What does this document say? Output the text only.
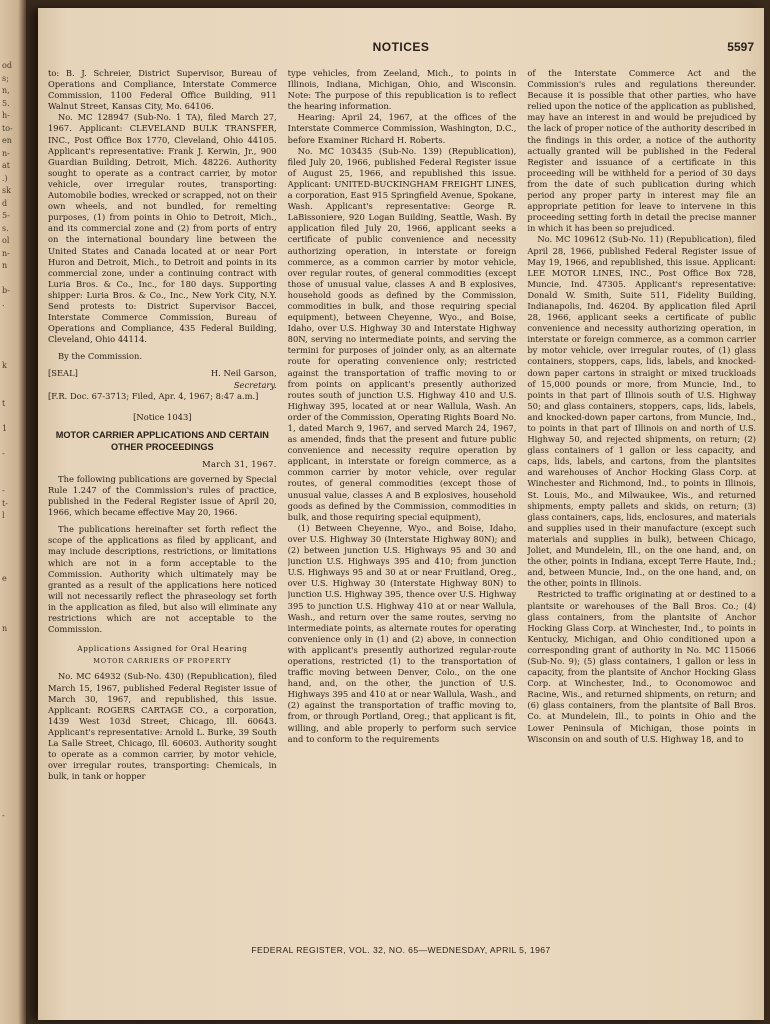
od
s;
n,
5.
h-
to-
en
n-
at
.)
sk
d
5-
s.
ol
n-
n

b-
.

k

t

1

-

-
t-
l

e

n

-

NOTICES	5597

to: B. J. Schreier, District Supervisor, Bureau of Operations and Compliance, Interstate Commerce Commission, 1100 Federal Office Building, 911 Walnut Street, Kansas City, Mo. 64106.

No. MC 128947 (Sub-No. 1 TA), filed March 27, 1967. Applicant: CLEVELAND BULK TRANSFER, INC., Post Office Box 1770, Cleveland, Ohio 44105. Applicant's representative: Frank J. Kerwin, Jr., 900 Guardian Building, Detroit, Mich. 48226. Authority sought to operate as a contract carrier, by motor vehicle, over irregular routes, transporting: Automobile bodies, wrecked or scrapped, not on their own wheels, and not bundled, for remelting purposes, (1) from points in Ohio to Detroit, Mich., and its commercial zone and (2) from ports of entry on the international boundary line between the United States and Canada located at or near Port Huron and Detroit, Mich., to Detroit and points in its commercial zone, under a continuing contract with Luria Bros. & Co., Inc., for 180 days. Supporting shipper: Luria Bros. & Co., Inc., New York City, N.Y. Send protests to: District Supervisor Baccei, Interstate Commerce Commission, Bureau of Operations and Compliance, 435 Federal Building, Cleveland, Ohio 44114.

By the Commission.

[SEAL]	H. Neil Garson,
Secretary.

[F.R. Doc. 67-3713; Filed, Apr. 4, 1967; 8:47 a.m.]

[Notice 1043]
MOTOR CARRIER APPLICATIONS AND CERTAIN OTHER PROCEEDINGS
March 31, 1967.

The following publications are governed by Special Rule 1.247 of the Commission's rules of practice, published in the Federal Register issue of April 20, 1966, which became effective May 20, 1966.

The publications hereinafter set forth reflect the scope of the applications as filed by applicant, and may include descriptions, restrictions, or limitations which are not in a form acceptable to the Commission. Authority which ultimately may be granted as a result of the applications here noticed will not necessarily reflect the phraseology set forth in the application as filed, but also will eliminate any restrictions which are not acceptable to the Commission.

Applications Assigned for Oral Hearing
MOTOR CARRIERS OF PROPERTY

No. MC 64932 (Sub-No. 430) (Republication), filed March 15, 1967, published Federal Register issue of March 30, 1967, and republished, this issue. Applicant: ROGERS CARTAGE CO., a corporation, 1439 West 103d Street, Chicago, Ill. 60643. Applicant's representative: Arnold L. Burke, 39 South La Salle Street, Chicago, Ill. 60603. Authority sought to operate as a common carrier, by motor vehicle, over irregular routes, transporting: Chemicals, in bulk, in tank or hopper

type vehicles, from Zeeland, Mich., to points in Illinois, Indiana, Michigan, Ohio, and Wisconsin. Note: The purpose of this republication is to reflect the hearing information.

Hearing: April 24, 1967, at the offices of the Interstate Commerce Commission, Washington, D.C., before Examiner Richard H. Roberts.

No. MC 103435 (Sub-No. 139) (Republication), filed July 20, 1966, published Federal Register issue of August 25, 1966, and republished this issue. Applicant: UNITED-BUCKINGHAM FREIGHT LINES, a corporation, East 915 Springfield Avenue, Spokane, Wash. Applicant's representative: George R. LaBissoniere, 920 Logan Building, Seattle, Wash. By application filed July 20, 1966, applicant seeks a certificate of public convenience and necessity authorizing operation, in interstate or foreign commerce, as a common carrier by motor vehicle, over regular routes, of general commodities (except those of unusual value, classes A and B explosives, household goods as defined by the Commission, commodities in bulk, and those requiring special equipment), between Cheyenne, Wyo., and Boise, Idaho, over U.S. Highway 30 and Interstate Highway 80N, serving no intermediate points, and serving the termini for purposes of joinder only, as an alternate route for operating convenience only; restricted against the transportation of traffic moving to or from points on applicant's presently authorized routes south of junction U.S. Highway 410 and U.S. Highway 395, located at or near Wallula, Wash. An order of the Commission, Operating Rights Board No. 1, dated March 9, 1967, and served March 24, 1967, as amended, finds that the present and future public convenience and necessity require operation by applicant, in interstate or foreign commerce, as a common carrier by motor vehicle, over regular routes, of general commodities (except those of unusual value, classes A and B explosives, household goods as defined by the Commission, commodities in bulk, and those requiring special equipment),

(1) Between Cheyenne, Wyo., and Boise, Idaho, over U.S. Highway 30 (Interstate Highway 80N); and (2) between junction U.S. Highways 95 and 30 and junction U.S. Highways 395 and 410; from junction U.S. Highways 95 and 30 at or near Fruitland, Oreg., over U.S. Highway 30 (Interstate Highway 80N) to junction U.S. Highway 395, thence over U.S. Highway 395 to junction U.S. Highway 410 at or near Wallula, Wash., and return over the same routes, serving no intermediate points, as alternate routes for operating convenience only in (1) and (2) above, in connection with applicant's presently authorized regular-route operations, restricted (1) to the transportation of traffic moving between Denver, Colo., on the one hand, and, on the other, the junction of U.S. Highways 395 and 410 at or near Wallula, Wash., and (2) against the transportation of traffic moving to, from, or through Portland, Oreg.; that applicant is fit, willing, and able properly to perform such service and to conform to the requirements

of the Interstate Commerce Act and the Commission's rules and regulations thereunder. Because it is possible that other parties, who have relied upon the notice of the application as published, may have an interest in and would be prejudiced by the lack of proper notice of the authority described in the findings in this order, a notice of the authority actually granted will be published in the Federal Register and issuance of a certificate in this proceeding will be withheld for a period of 30 days from the date of such publication during which period any proper party in interest may file an appropriate petition for leave to intervene in this proceeding setting forth in detail the precise manner in which it has been so prejudiced.

No. MC 109612 (Sub-No. 11) (Republication), filed April 28, 1966, published Federal Register issue of May 19, 1966, and republished, this issue. Applicant: LEE MOTOR LINES, INC., Post Office Box 728, Muncie, Ind. 47305. Applicant's representative: Donald W. Smith, Suite 511, Fidelity Building, Indianapolis, Ind. 46204. By application filed April 28, 1966, applicant seeks a certificate of public convenience and necessity authorizing operation, in interstate or foreign commerce, as a common carrier by motor vehicle, over irregular routes, of (1) glass containers, stoppers, caps, lids, labels, and knocked-down paper cartons in straight or mixed truckloads of 15,000 pounds or more, from Muncie, Ind., to points in that part of Illinois south of U.S. Highway 50; and glass containers, stoppers, caps, lids, labels, and knocked-down paper cartons, from Muncie, Ind., to points in that part of Illinois on and north of U.S. Highway 50, and rejected shipments, on return; (2) glass containers of 1 gallon or less capacity, and caps, lids, labels, and cartons, from the plantsites and warehouses of Anchor Hocking Glass Corp. at Winchester and Richmond, Ind., to points in Illinois, St. Louis, Mo., and Milwaukee, Wis., and returned shipments, empty pallets and skids, on return; (3) glass containers, caps, lids, enclosures, and materials and supplies used in their manufacture (except such materials and supplies in bulk), between Chicago, Joliet, and Mundelein, Ill., on the one hand, and, on the other, points in Indiana, except Terre Haute, Ind.; and, between Muncie, Ind., on the one hand, and, on the other, points in Illinois.

Restricted to traffic originating at or destined to a plantsite or warehouses of the Ball Bros. Co.; (4) glass containers, from the plantsite of Anchor Hocking Glass Corp. at Winchester, Ind., to points in Kentucky, Michigan, and Ohio conditioned upon a corresponding grant of authority in No. MC 115066 (Sub-No. 9); (5) glass containers, 1 gallon or less in capacity, from the plantsite of Anchor Hocking Glass Corp. at Winchester, Ind., to Oconomowoc and Racine, Wis., and returned shipments, on return; and (6) glass containers, from the plantsite of Ball Bros. Co. at Mundelein, Ill., to points in Ohio and the Lower Peninsula of Michigan, those points in Wisconsin on and south of U.S. Highway 18, and to

FEDERAL REGISTER, VOL. 32, NO. 65—WEDNESDAY, APRIL 5, 1967
